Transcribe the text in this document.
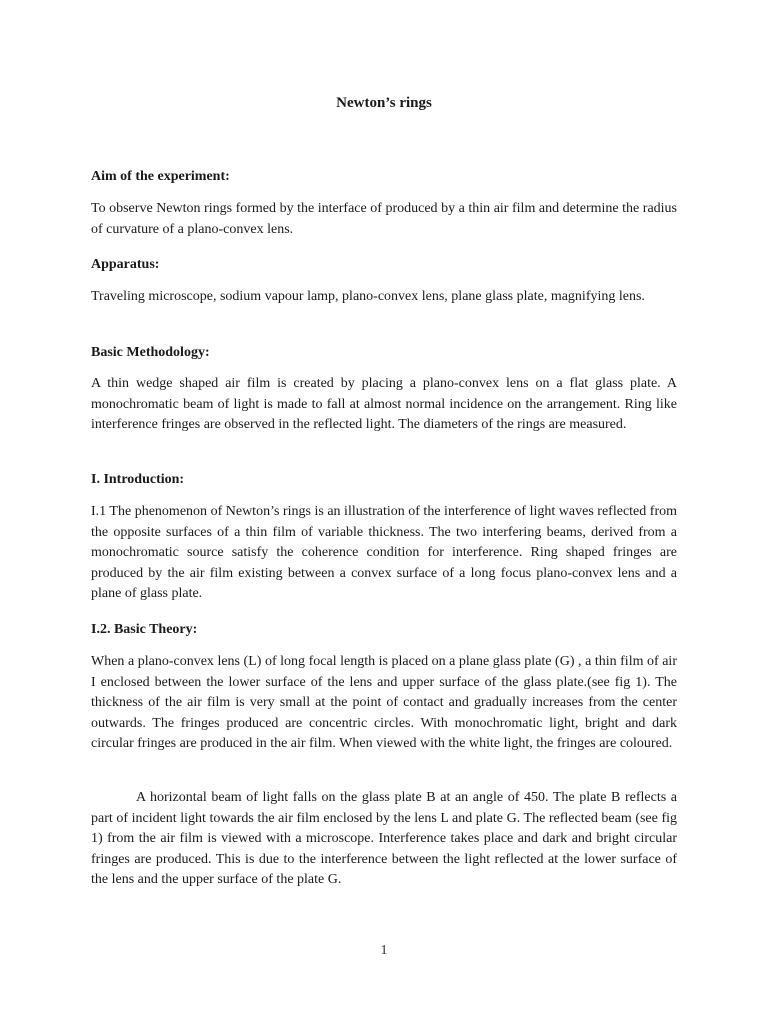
Newton’s rings
Aim of the experiment:
To observe Newton rings formed by the interface of produced by a thin air film and determine the radius of curvature of a plano-convex lens.
Apparatus:
Traveling microscope, sodium vapour lamp, plano-convex lens, plane glass plate, magnifying lens.
Basic Methodology:
A thin wedge shaped air film is created by placing a plano-convex lens on a flat glass plate. A monochromatic beam of light is made to fall at almost normal incidence on the arrangement. Ring like interference fringes are observed in the reflected light. The diameters of the rings are measured.
I. Introduction:
I.1 The phenomenon of Newton’s rings is an illustration of the interference of light waves reflected from the opposite surfaces of a thin film of variable thickness. The two interfering beams, derived from a monochromatic source satisfy the coherence condition for interference. Ring shaped fringes are produced by the air film existing between a convex surface of a long focus plano-convex lens and a plane of glass plate.
I.2. Basic Theory:
When a plano-convex lens (L) of long focal length is placed on a plane glass plate (G) , a thin film of air I enclosed between the lower surface of the lens and upper surface of the glass plate.(see fig 1). The thickness of the air film is very small at the point of contact and gradually increases from the center outwards. The fringes produced are concentric circles. With monochromatic light, bright and dark circular fringes are produced in the air film. When viewed with the white light, the fringes are coloured.
A horizontal beam of light falls on the glass plate B at an angle of 450. The plate B reflects a part of incident light towards the air film enclosed by the lens L and plate G. The reflected beam (see fig 1) from the air film is viewed with a microscope. Interference takes place and dark and bright circular fringes are produced. This is due to the interference between the light reflected at the lower surface of the lens and the upper surface of the plate G.
1
